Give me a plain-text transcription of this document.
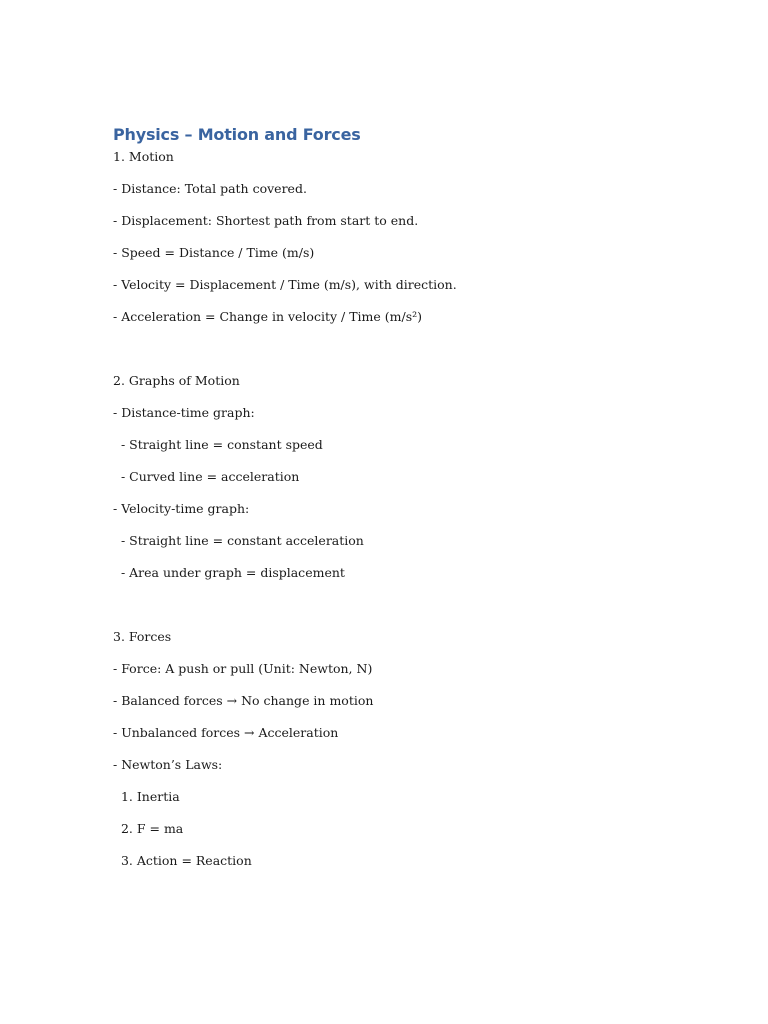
Physics – Motion and Forces
1. Motion
- Distance: Total path covered.
- Displacement: Shortest path from start to end.
- Speed = Distance / Time (m/s)
- Velocity = Displacement / Time (m/s), with direction.
- Acceleration = Change in velocity / Time (m/s²)
2. Graphs of Motion
- Distance-time graph:
- Straight line = constant speed
- Curved line = acceleration
- Velocity-time graph:
- Straight line = constant acceleration
- Area under graph = displacement
3. Forces
- Force: A push or pull (Unit: Newton, N)
- Balanced forces → No change in motion
- Unbalanced forces → Acceleration
- Newton’s Laws:
1. Inertia
2. F = ma
3. Action = Reaction
